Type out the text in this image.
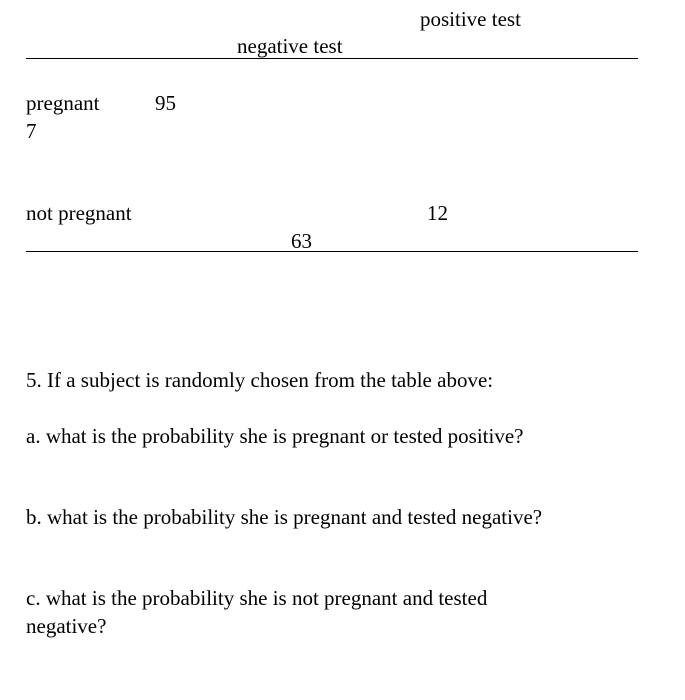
positive test
negative test
pregnant	95
7
not pregnant	12
63
5. If a subject is randomly chosen from the table above:
a. what is the probability she is pregnant or tested positive?
b. what is the probability she is pregnant and tested negative?
c. what is the probability she is not pregnant and tested negative?
